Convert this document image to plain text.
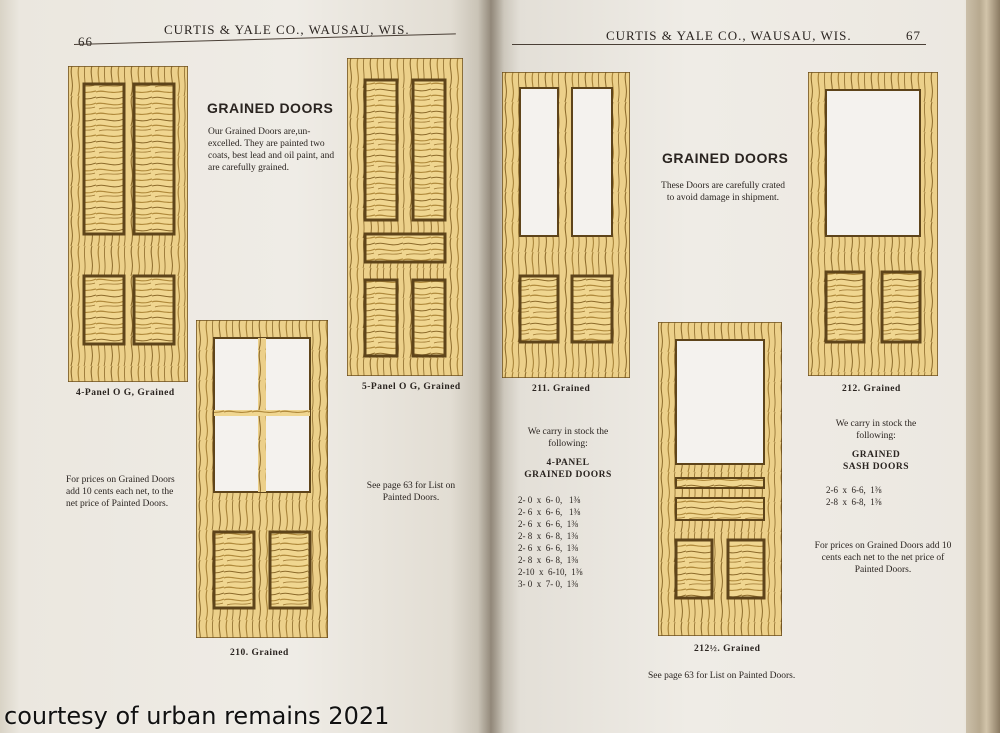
66
CURTIS & YALE CO., WAUSAU, WIS.
4-Panel O G, Grained
GRAINED DOORS
Our Grained Doors are,un- excelled. They are painted two coats, best lead and oil paint, and are carefully grained.
5-Panel O G, Grained
210. Grained
For prices on Grained Doors add 10 cents each net, to the net price of Painted Doors.
See page 63 for List on Painted Doors.
CURTIS & YALE CO., WAUSAU, WIS.	67
211. Grained
GRAINED DOORS
These Doors are carefully crated to avoid damage in shipment.
212. Grained
We carry in stock the following:
4-PANEL
GRAINED DOORS
2- 0  x  6- 0,   1⅜
2- 6  x  6- 6,   1⅜
2- 6  x  6- 6,  1⅜
2- 8  x  6- 8,  1⅜
2- 6  x  6- 6,  1⅜
2- 8  x  6- 8,  1⅜
2-10  x  6-10,  1⅜
3- 0  x  7- 0,  1⅜
212½. Grained
We carry in stock the following:
GRAINED
SASH DOORS
2-6  x  6-6,  1⅜
2-8  x  6-8,  1⅜
For prices on Grained Doors add 10 cents each net to the net price of Painted Doors.
See page 63 for List on Painted Doors.
courtesy of urban remains 2021
